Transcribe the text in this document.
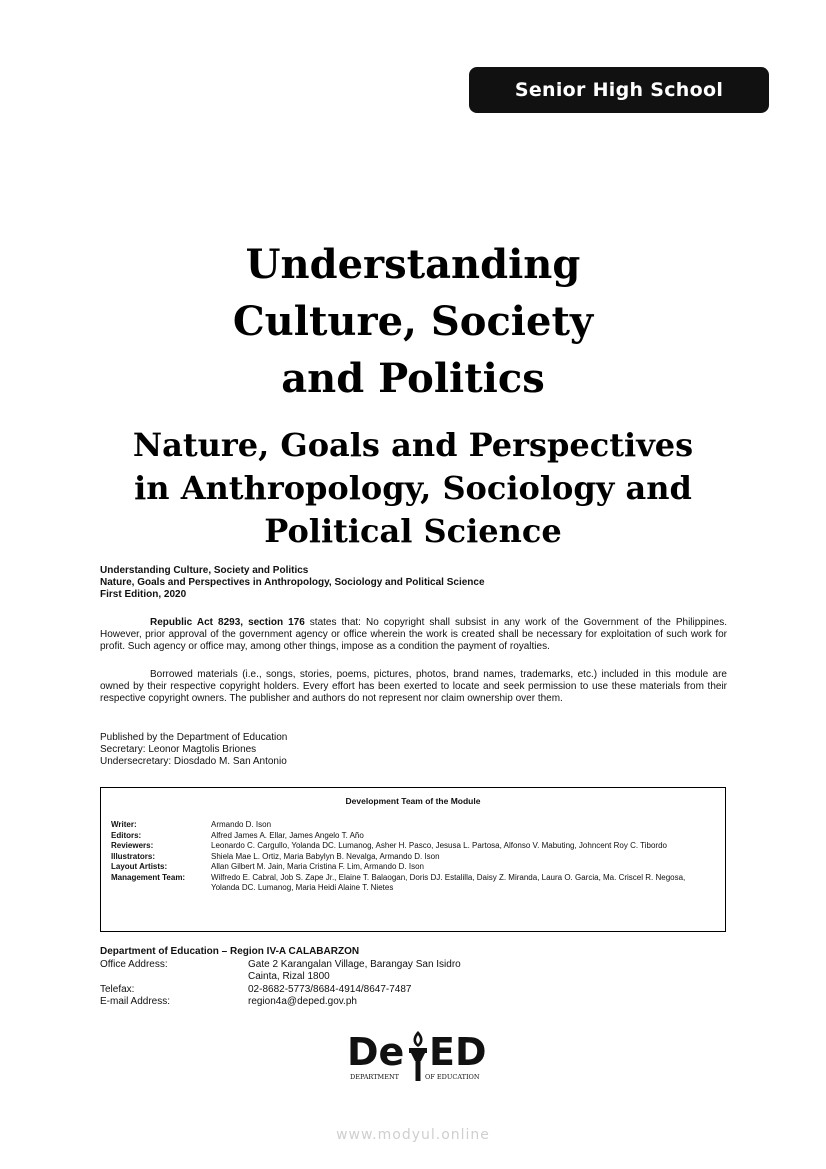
Senior High School
Understanding
Culture, Society
and Politics
Nature, Goals and Perspectives
in Anthropology, Sociology and
Political Science
Understanding Culture, Society and Politics
Nature, Goals and Perspectives in Anthropology, Sociology and Political Science
First Edition, 2020
Republic Act 8293, section 176 states that: No copyright shall subsist in any work of the Government of the Philippines. However, prior approval of the government agency or office wherein the work is created shall be necessary for exploitation of such work for profit. Such agency or office may, among other things, impose as a condition the payment of royalties.
Borrowed materials (i.e., songs, stories, poems, pictures, photos, brand names, trademarks, etc.) included in this module are owned by their respective copyright holders. Every effort has been exerted to locate and seek permission to use these materials from their respective copyright owners. The publisher and authors do not represent nor claim ownership over them.
Published by the Department of Education
Secretary: Leonor Magtolis Briones
Undersecretary: Diosdado M. San Antonio
Development Team of the Module
Writer:	Armando D. Ison
Editors:	Alfred James A. Ellar, James Angelo T. Año
Reviewers:	Leonardo C. Cargullo, Yolanda DC. Lumanog, Asher H. Pasco, Jesusa L. Partosa, Alfonso V. Mabuting, Johncent Roy C. Tibordo
Illustrators:	Shiela Mae L. Ortiz, Maria Babylyn B. Nevalga, Armando D. Ison
Layout Artists:	Allan Gilbert M. Jain, Maria Cristina F. Lim, Armando D. Ison
Management Team:	Wilfredo E. Cabral, Job S. Zape Jr., Elaine T. Balaogan, Doris DJ. Estalilla, Daisy Z. Miranda, Laura O. Garcia, Ma. Criscel R. Negosa, Yolanda DC. Lumanog, Maria Heidi Alaine T. Nietes
Department of Education – Region IV-A CALABARZON
Office Address:	Gate 2 Karangalan Village, Barangay San Isidro
Cainta, Rizal 1800
Telefax:	02-8682-5773/8684-4914/8647-7487
E-mail Address:	region4a@deped.gov.ph
De ED
DEPARTMENT	OF EDUCATION
www.modyul.online
